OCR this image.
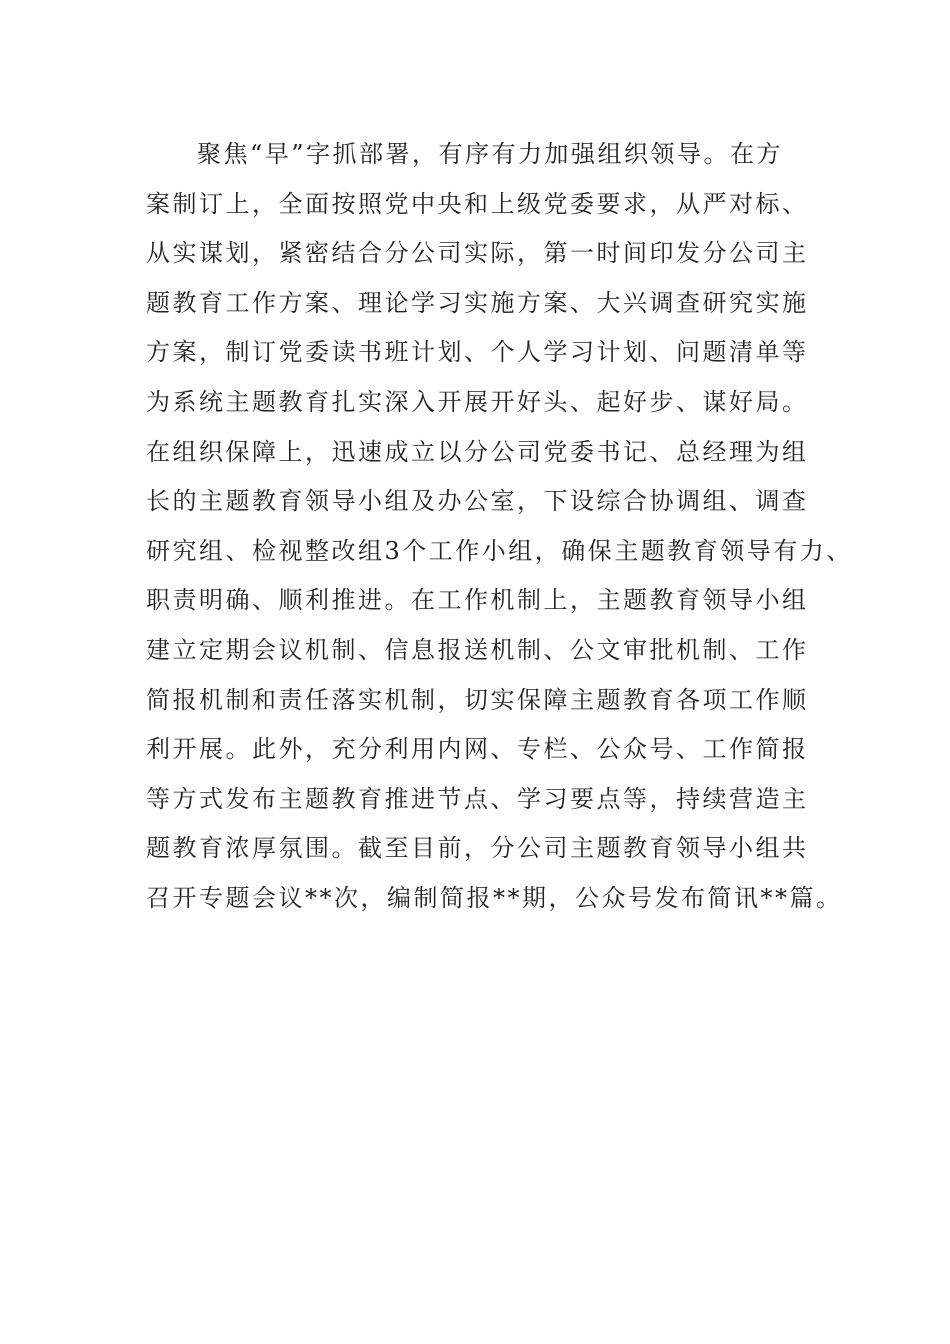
聚焦“早”字抓部署，有序有力加强组织领导。在方
案制订上，全面按照党中央和上级党委要求，从严对标、
从实谋划，紧密结合分公司实际，第一时间印发分公司主
题教育工作方案、理论学习实施方案、大兴调查研究实施
方案，制订党委读书班计划、个人学习计划、问题清单等
为系统主题教育扎实深入开展开好头、起好步、谋好局。
在组织保障上，迅速成立以分公司党委书记、总经理为组
长的主题教育领导小组及办公室，下设综合协调组、调查
研究组、检视整改组3个工作小组，确保主题教育领导有力、
职责明确、顺利推进。在工作机制上，主题教育领导小组
建立定期会议机制、信息报送机制、公文审批机制、工作
简报机制和责任落实机制，切实保障主题教育各项工作顺
利开展。此外，充分利用内网、专栏、公众号、工作简报
等方式发布主题教育推进节点、学习要点等，持续营造主
题教育浓厚氛围。截至目前，分公司主题教育领导小组共
召开专题会议**次，编制简报**期，公众号发布简讯**篇。
